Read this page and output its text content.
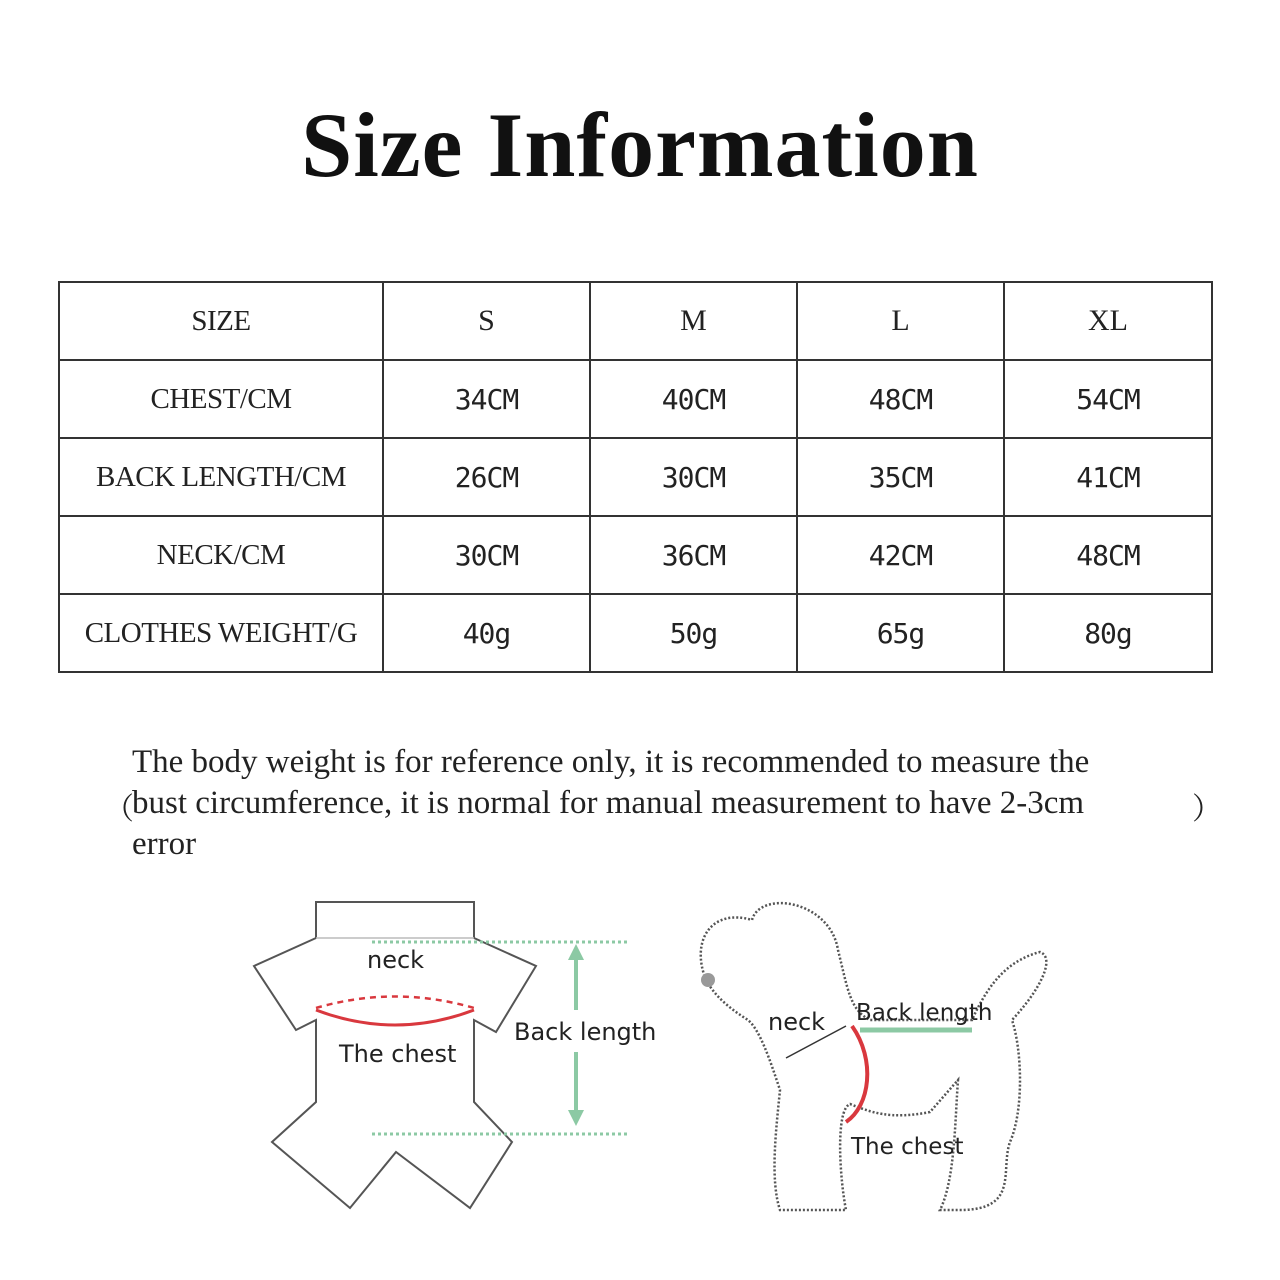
Size Information
SIZE	S	M	L	XL
CHEST/CM	34CM	40CM	48CM	54CM
BACK LENGTH/CM	26CM	30CM	35CM	41CM
NECK/CM	30CM	36CM	42CM	48CM
CLOTHES WEIGHT/G	40g	50g	65g	80g
（
The body weight is for reference only, it is recommended to measure the
bust circumference, it is normal for manual measurement to have 2-3cm
error
）
neck
The chest
Back length	neck Back length
The chest
